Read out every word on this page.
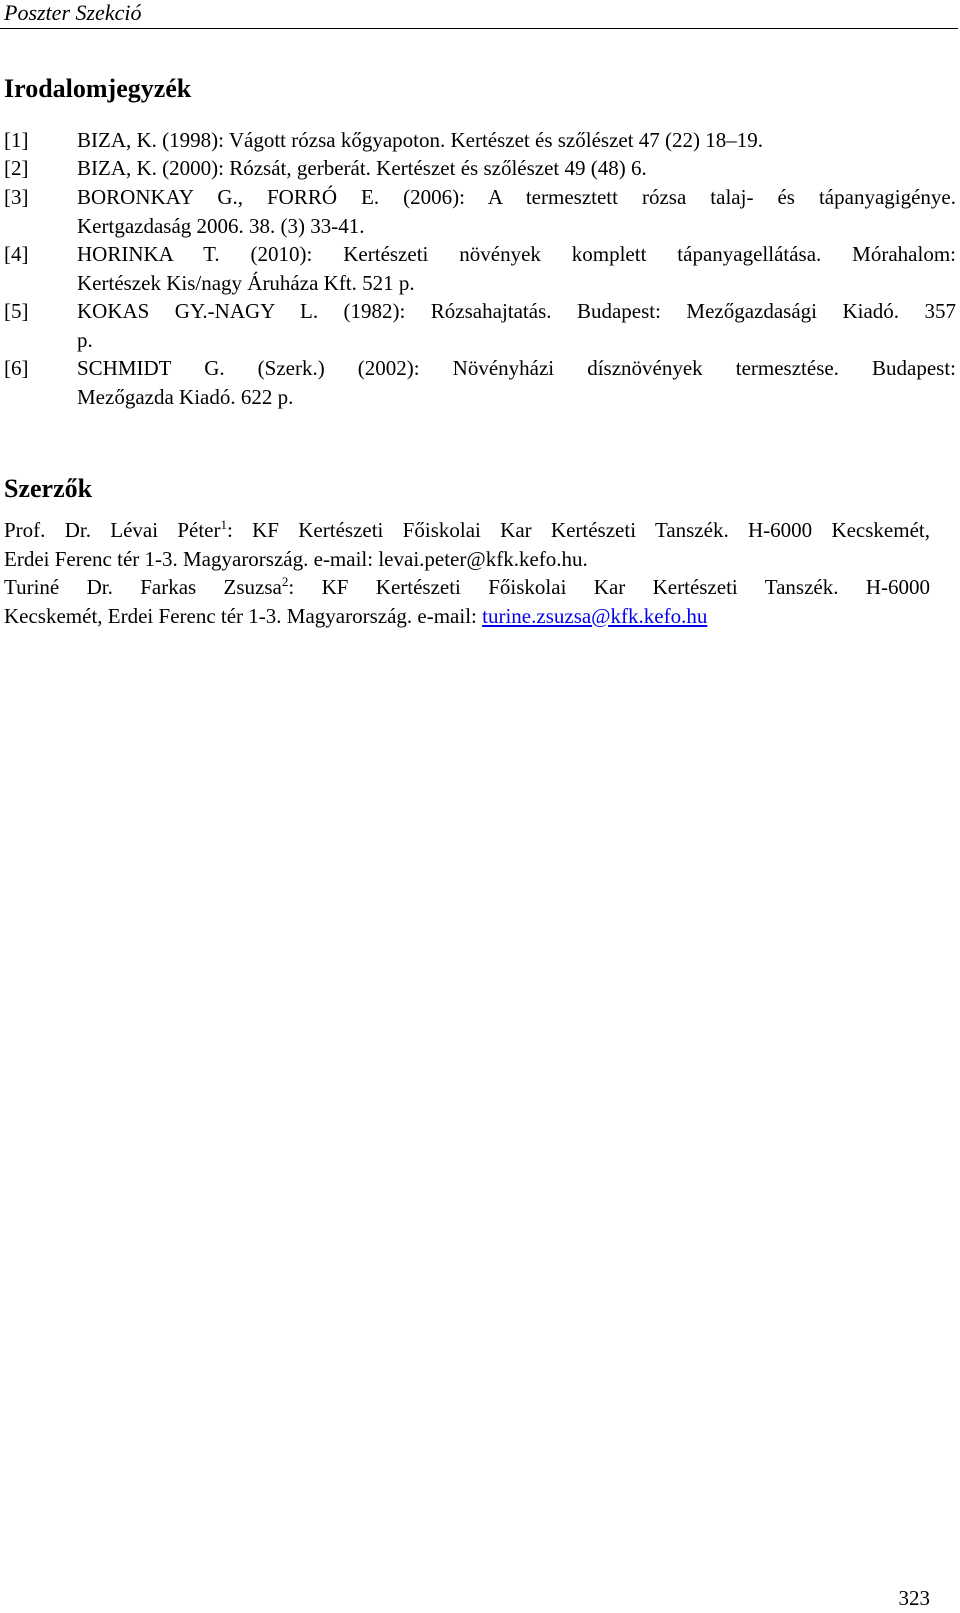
Poszter Szekció
Irodalomjegyzék
[1] BIZA, K. (1998): Vágott rózsa kőgyapoton. Kertészet és szőlészet 47 (22) 18–19.
[2] BIZA, K. (2000): Rózsát, gerberát. Kertészet és szőlészet 49 (48) 6.
[3] BORONKAY G., FORRÓ E. (2006): A termesztett rózsa talaj- és tápanyagigénye.
Kertgazdaság 2006. 38. (3) 33-41.
[4] HORINKA T. (2010): Kertészeti növények komplett tápanyagellátása. Mórahalom:
Kertészek Kis/nagy Áruháza Kft. 521 p.
[5] KOKAS GY.-NAGY L. (1982): Rózsahajtatás. Budapest: Mezőgazdasági Kiadó. 357
p.
[6] SCHMIDT G. (Szerk.) (2002): Növényházi dísznövények termesztése. Budapest:
Mezőgazda Kiadó. 622 p.
Szerzők
Prof. Dr. Lévai Péter$^1$: KF Kertészeti Főiskolai Kar Kertészeti Tanszék. H-6000 Kecskemét,
Erdei Ferenc tér 1-3. Magyarország. e-mail: levai.peter@kfk.kefo.hu.
Turiné Dr. Farkas Zsuzsa$^2$: KF Kertészeti Főiskolai Kar Kertészeti Tanszék. H-6000
Kecskemét, Erdei Ferenc tér 1-3. Magyarország. e-mail: turine.zsuzsa@kfk.kefo.hu
323
